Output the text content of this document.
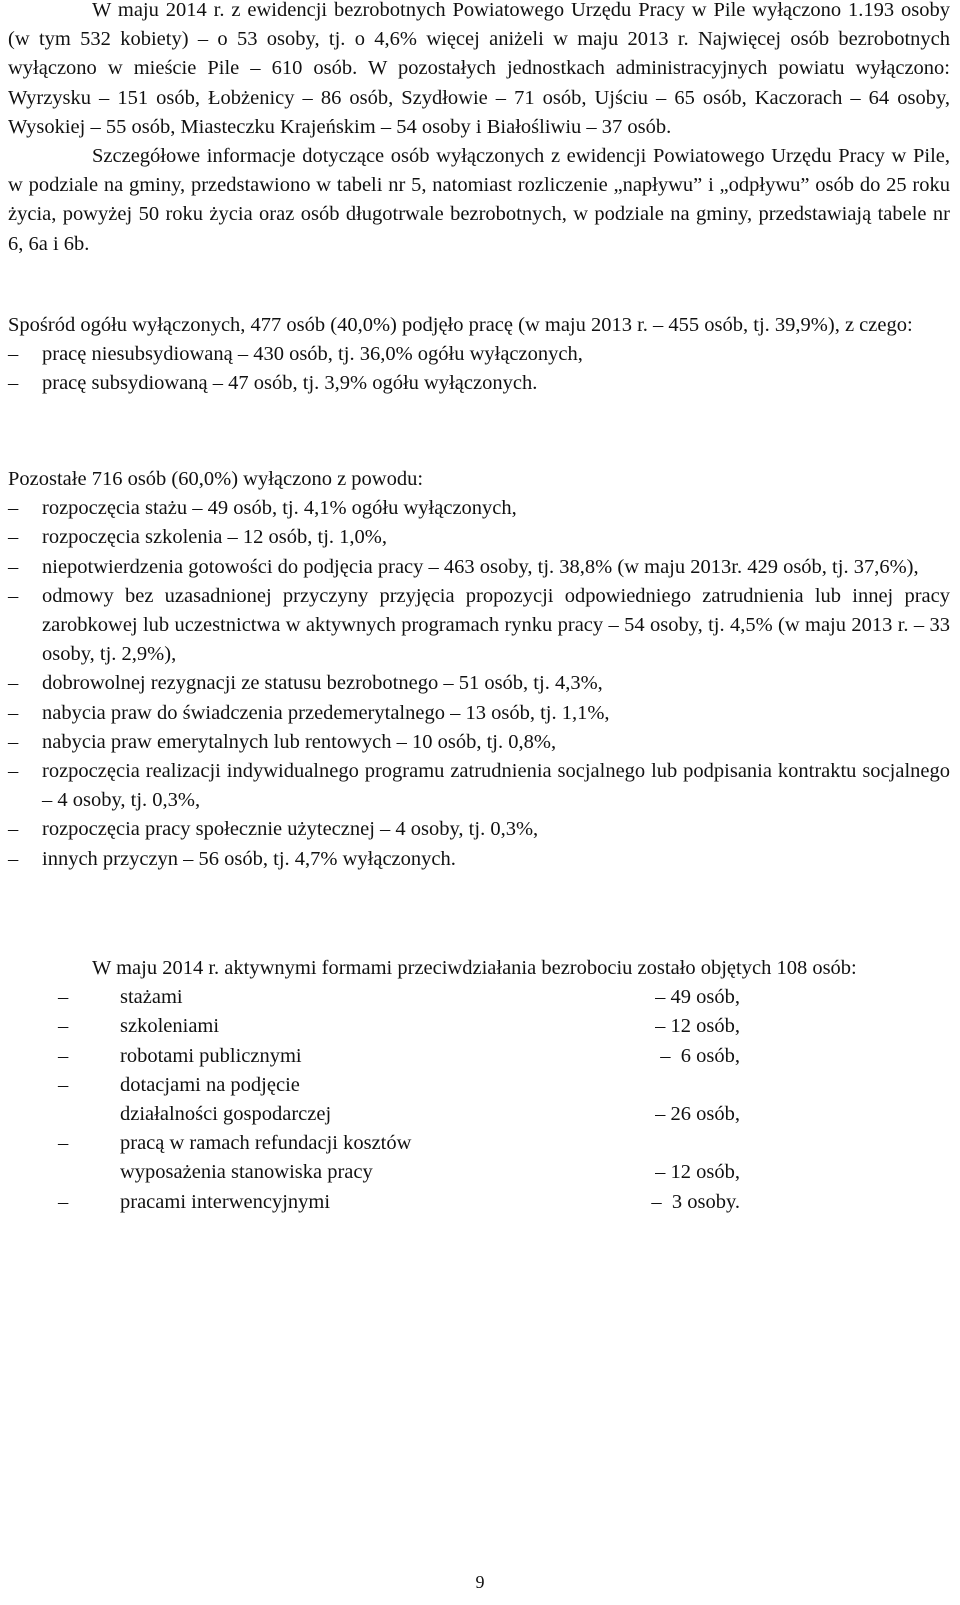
W maju 2014 r. z ewidencji bezrobotnych Powiatowego Urzędu Pracy w Pile wyłączono 1.193 osoby (w tym 532 kobiety) – o 53 osoby, tj. o 4,6% więcej aniżeli w maju 2013 r. Najwięcej osób bezrobotnych wyłączono w mieście Pile – 610 osób. W pozostałych jednostkach administracyjnych powiatu wyłączono: Wyrzysku – 151 osób, Łobżenicy – 86 osób, Szydłowie – 71 osób, Ujściu – 65 osób, Kaczorach – 64 osoby, Wysokiej – 55 osób, Miasteczku Krajeńskim – 54 osoby i Białośliwiu – 37 osób.

Szczegółowe informacje dotyczące osób wyłączonych z ewidencji Powiatowego Urzędu Pracy w Pile, w podziale na gminy, przedstawiono w tabeli nr 5, natomiast rozliczenie „napływu” i „odpływu” osób do 25 roku życia, powyżej 50 roku życia oraz osób długotrwale bezrobotnych, w podziale na gminy, przedstawiają tabele nr 6, 6a i 6b.

Spośród ogółu wyłączonych, 477 osób (40,0%) podjęło pracę (w maju 2013 r. – 455 osób, tj. 39,9%), z czego:

–	pracę niesubsydiowaną – 430 osób, tj. 36,0% ogółu wyłączonych,
–	pracę subsydiowaną – 47 osób, tj. 3,9% ogółu wyłączonych.

Pozostałe 716 osób (60,0%) wyłączono z powodu:

–	rozpoczęcia stażu – 49 osób, tj. 4,1% ogółu wyłączonych,
–	rozpoczęcia szkolenia – 12 osób, tj. 1,0%,
–	niepotwierdzenia gotowości do podjęcia pracy – 463 osoby, tj. 38,8% (w maju 2013r. 429 osób, tj. 37,6%),
–	odmowy bez uzasadnionej przyczyny przyjęcia propozycji odpowiedniego zatrudnienia lub innej pracy zarobkowej lub uczestnictwa w aktywnych programach rynku pracy – 54 osoby, tj. 4,5% (w maju 2013 r. – 33 osoby, tj. 2,9%),
–	dobrowolnej rezygnacji ze statusu bezrobotnego – 51 osób, tj. 4,3%,
–	nabycia praw do świadczenia przedemerytalnego – 13 osób, tj. 1,1%,
–	nabycia praw emerytalnych lub rentowych – 10 osób, tj. 0,8%,
–	rozpoczęcia realizacji indywidualnego programu zatrudnienia socjalnego lub podpisania kontraktu socjalnego – 4 osoby, tj. 0,3%,
–	rozpoczęcia pracy społecznie użytecznej – 4 osoby, tj. 0,3%,
–	innych przyczyn – 56 osób, tj. 4,7% wyłączonych.

W maju 2014 r. aktywnymi formami przeciwdziałania bezrobociu zostało objętych 108 osób:

–	stażami	– 49 osób,
–	szkoleniami	– 12 osób,
–	robotami publicznymi	–  6 osób,
–	dotacjami na podjęcie
działalności gospodarczej	– 26 osób,
–	pracą w ramach refundacji kosztów
wyposażenia stanowiska pracy	– 12 osób,
–	pracami interwencyjnymi	–  3 osoby.
9
